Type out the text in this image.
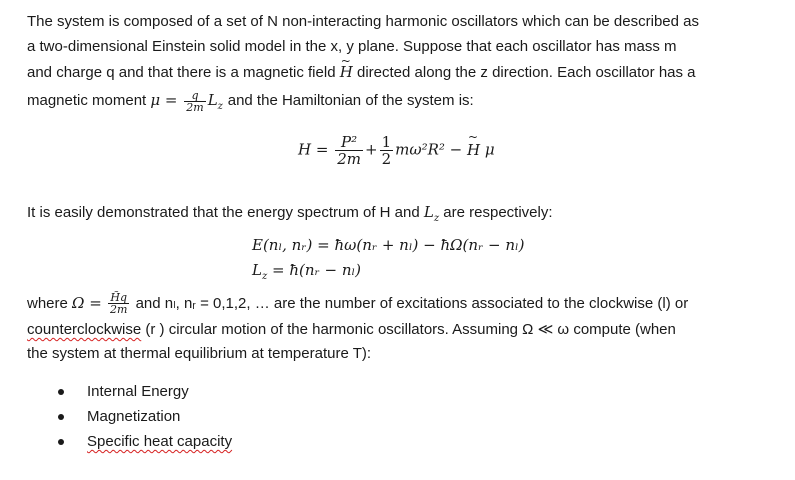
The system is composed of a set of N non-interacting harmonic oscillators which can be described as
a two-dimensional Einstein solid model in the x, y plane. Suppose that each oscillator has mass m
and charge q and that there is a magnetic field ~ H directed along the z direction. Each oscillator has a
magnetic moment $\mu = \frac{q}{2m} L_z$ and the Hamiltonian of the system is:
$H = \frac{\text{P²}}{2m} + \frac{1}{2} m\omega^2R^2$ − ~ H μ
It is easily demonstrated that the energy spectrum of H and $L_z$ are respectively:
E(nₗ, nᵣ) = ħω(nᵣ + nₗ) − ħΩ(nᵣ − nₗ)
$L_z$ = ħ(nᵣ − nₗ)
where $\Omega = \frac{H̃q}{2m}$ and nₗ, nᵣ = 0,1,2, … are the number of excitations associated to the clockwise (l) or
counterclockwise (r ) circular motion of the harmonic oscillators. Assuming Ω ≪ ω compute (when
the system at thermal equilibrium at temperature T):
Internal Energy
Magnetization
Specific heat capacity
